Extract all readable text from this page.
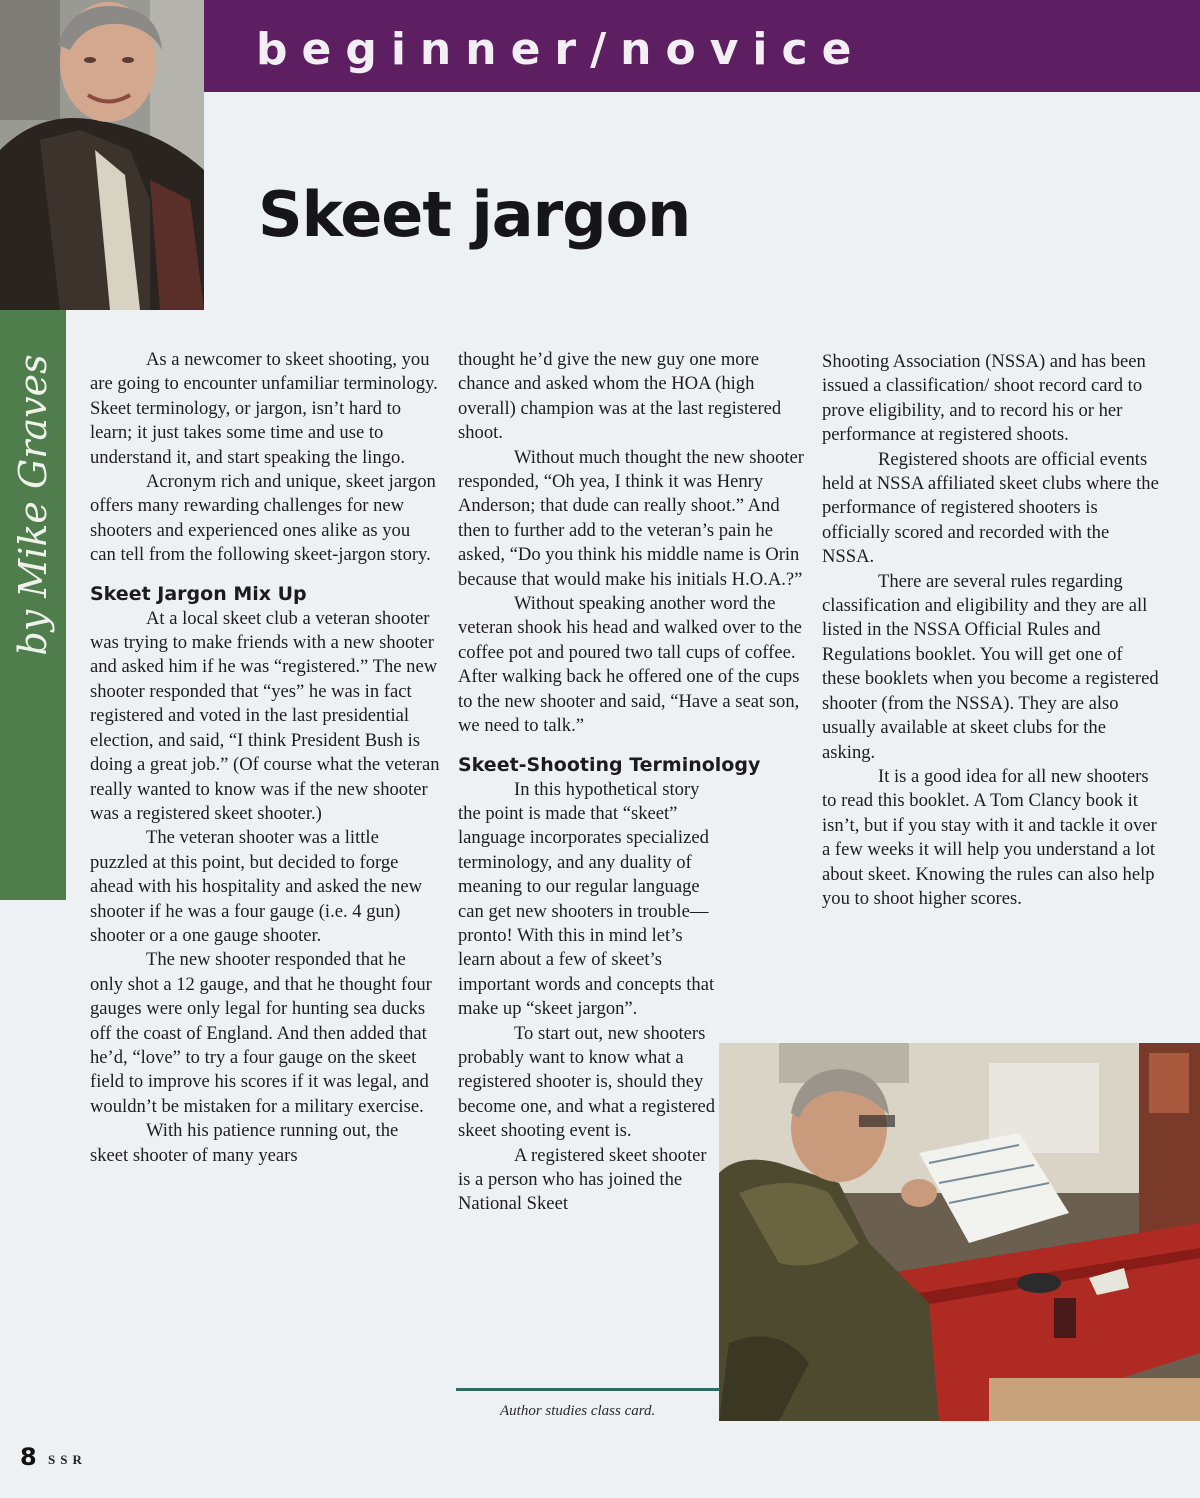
beginner/novice
Skeet jargon
by Mike Graves	As a newcomer to skeet shooting, you are going to encounter unfamiliar terminology. Skeet terminology, or jargon, isn’t hard to learn; it just takes some time and use to understand it, and start speaking the lingo.

Acronym rich and unique, skeet jargon offers many rewarding challenges for new shooters and experienced ones alike as you can tell from the following skeet-jargon story.

Skeet Jargon Mix Up

At a local skeet club a veteran shooter was trying to make friends with a new shooter and asked him if he was “registered.” The new shooter responded that “yes” he was in fact registered and voted in the last presidential election, and said, “I think President Bush is doing a great job.” (Of course what the veteran really wanted to know was if the new shooter was a registered skeet shooter.)

The veteran shooter was a little puzzled at this point, but decided to forge ahead with his hospitality and asked the new shooter if he was a four gauge (i.e. 4 gun) shooter or a one gauge shooter.

The new shooter responded that he only shot a 12 gauge, and that he thought four gauges were only legal for hunting sea ducks off the coast of England. And then added that he’d, “love” to try a four gauge on the skeet field to improve his scores if it was legal, and wouldn’t be mistaken for a military exercise.

With his patience running out, the skeet shooter of many years

thought he’d give the new guy one more chance and asked whom the HOA (high overall) champion was at the last registered shoot.

Without much thought the new shooter responded, “Oh yea, I think it was Henry Anderson; that dude can really shoot.” And then to further add to the veteran’s pain he asked, “Do you think his middle name is Orin because that would make his initials H.O.A.?”

Without speaking another word the veteran shook his head and walked over to the coffee pot and poured two tall cups of coffee. After walking back he offered one of the cups to the new shooter and said, “Have a seat son, we need to talk.”

Skeet-Shooting Terminology

In this hypothetical story the point is made that “skeet” language incorporates specialized terminology, and any duality of meaning to our regular language can get new shooters in trouble—pronto! With this in mind let’s learn about a few of skeet’s important words and concepts that make up “skeet jargon”.

To start out, new shooters probably want to know what a registered shooter is, should they become one, and what a registered skeet shooting event is.

A registered skeet shooter is a person who has joined the National Skeet

Shooting Association (NSSA) and has been issued a classification/ shoot record card to prove eligibility, and to record his or her performance at registered shoots.

Registered shoots are official events held at NSSA affiliated skeet clubs where the performance of registered shooters is officially scored and recorded with the NSSA.

There are several rules regarding classification and eligibility and they are all listed in the NSSA Official Rules and Regulations booklet. You will get one of these booklets when you become a registered shooter (from the NSSA). They are also usually available at skeet clubs for the asking.

It is a good idea for all new shooters to read this booklet. A Tom Clancy book it isn’t, but if you stay with it and tackle it over a few weeks it will help you understand a lot about skeet. Knowing the rules can also help you to shoot higher scores.

Author studies class card.
8 SSR
